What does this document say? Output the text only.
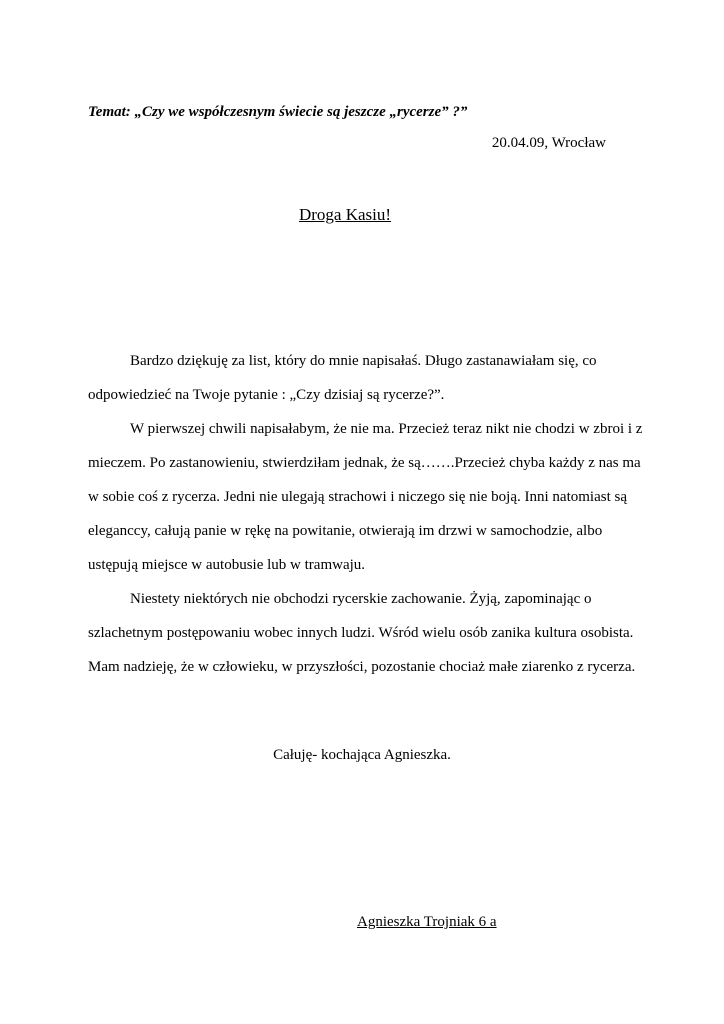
Temat: „Czy we współczesnym świecie są jeszcze „rycerze” ?”
20.04.09, Wrocław
Droga Kasiu!

Bardzo dziękuję za list, który do mnie napisałaś. Długo zastanawiałam się, co odpowiedzieć na Twoje pytanie : „Czy dzisiaj są rycerze?”.

W pierwszej chwili napisałabym, że nie ma. Przecież teraz nikt nie chodzi w zbroi i z mieczem. Po zastanowieniu, stwierdziłam jednak, że są…….Przecież chyba każdy z nas ma w sobie coś z rycerza. Jedni nie ulegają strachowi i niczego się nie boją. Inni natomiast są eleganccy, całują panie w rękę na powitanie, otwierają im drzwi w samochodzie, albo ustępują miejsce w autobusie lub w tramwaju.

Niestety niektórych nie obchodzi rycerskie zachowanie. Żyją, zapominając o szlachetnym postępowaniu wobec innych ludzi. Wśród wielu osób zanika kultura osobista. Mam nadzieję, że w człowieku, w przyszłości, pozostanie chociaż małe ziarenko z rycerza.

Całuję- kochająca Agnieszka.
Agnieszka Trojniak 6 a
